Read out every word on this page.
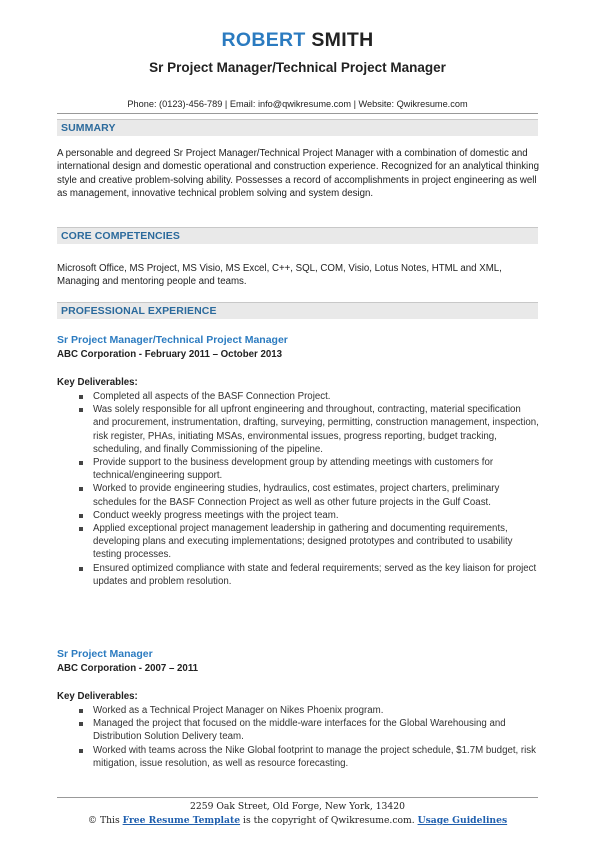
ROBERT SMITH
Sr Project Manager/Technical Project Manager
Phone: (0123)-456-789 | Email: info@qwikresume.com | Website: Qwikresume.com
SUMMARY
A personable and degreed Sr Project Manager/Technical Project Manager with a combination of domestic and international design and domestic operational and construction experience. Recognized for an analytical thinking style and creative problem-solving ability. Possesses a record of accomplishments in project engineering as well as management, innovative technical problem solving and system design.
CORE COMPETENCIES
Microsoft Office, MS Project, MS Visio, MS Excel, C++, SQL, COM, Visio, Lotus Notes, HTML and XML, Managing and mentoring people and teams.
PROFESSIONAL EXPERIENCE
Sr Project Manager/Technical Project Manager
ABC Corporation - February 2011 – October 2013
Key Deliverables:
Completed all aspects of the BASF Connection Project.
Was solely responsible for all upfront engineering and throughout, contracting, material specification and procurement, instrumentation, drafting, surveying, permitting, construction management, inspection, risk register, PHAs, initiating MSAs, environmental issues, progress reporting, budget tracking, scheduling, and finally Commissioning of the pipeline.
Provide support to the business development group by attending meetings with customers for technical/engineering support.
Worked to provide engineering studies, hydraulics, cost estimates, project charters, preliminary schedules for the BASF Connection Project as well as other future projects in the Gulf Coast.
Conduct weekly progress meetings with the project team.
Applied exceptional project management leadership in gathering and documenting requirements, developing plans and executing implementations; designed prototypes and contributed to usability testing processes.
Ensured optimized compliance with state and federal requirements; served as the key liaison for project updates and problem resolution.
Sr Project Manager
ABC Corporation - 2007 – 2011
Key Deliverables:
Worked as a Technical Project Manager on Nikes Phoenix program.
Managed the project that focused on the middle-ware interfaces for the Global Warehousing and Distribution Solution Delivery team.
Worked with teams across the Nike Global footprint to manage the project schedule, $1.7M budget, risk mitigation, issue resolution, as well as resource forecasting.
2259 Oak Street, Old Forge, New York, 13420
© This Free Resume Template is the copyright of Qwikresume.com. Usage Guidelines
